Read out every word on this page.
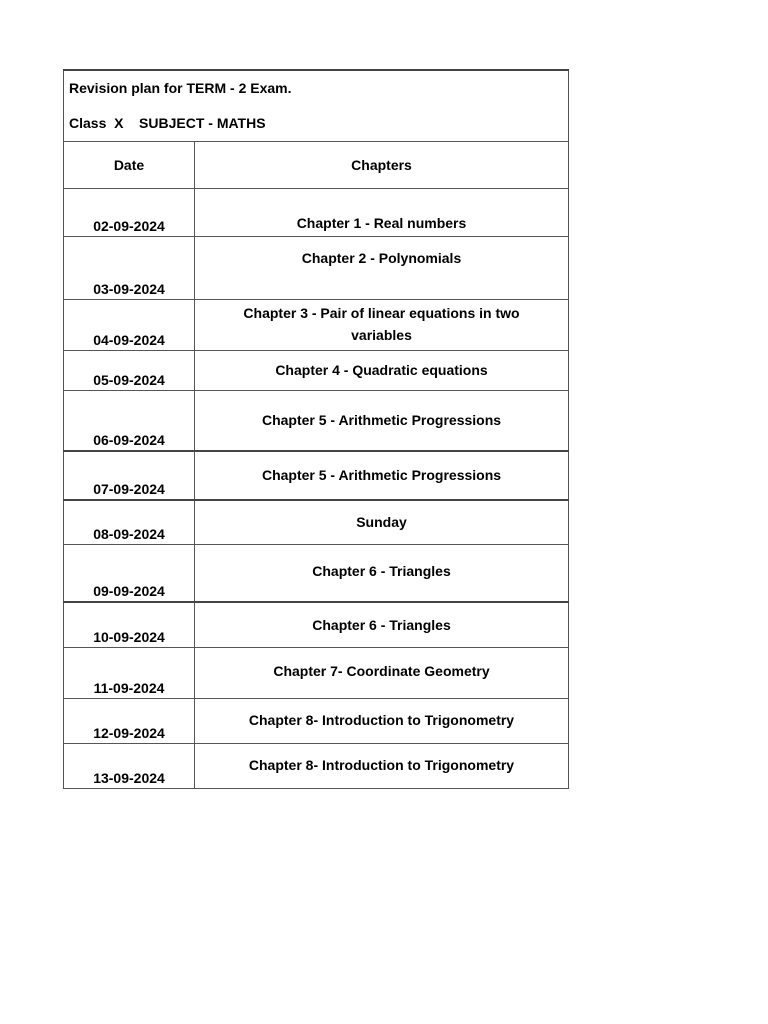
Revision plan for TERM - 2 Exam.
Class  X    SUBJECT - MATHS	

Date	Chapters
02-09-2024	Chapter 1 - Real numbers
03-09-2024	Chapter 2 - Polynomials
04-09-2024	Chapter 3 - Pair of linear equations in two variables
05-09-2024	Chapter 4 - Quadratic equations
06-09-2024	Chapter 5 - Arithmetic Progressions
07-09-2024	Chapter 5 - Arithmetic Progressions
08-09-2024	Sunday
09-09-2024	Chapter 6 - Triangles
10-09-2024	Chapter 6 - Triangles
11-09-2024	Chapter 7- Coordinate Geometry
12-09-2024	Chapter 8- Introduction to Trigonometry
13-09-2024	Chapter 8- Introduction to Trigonometry
